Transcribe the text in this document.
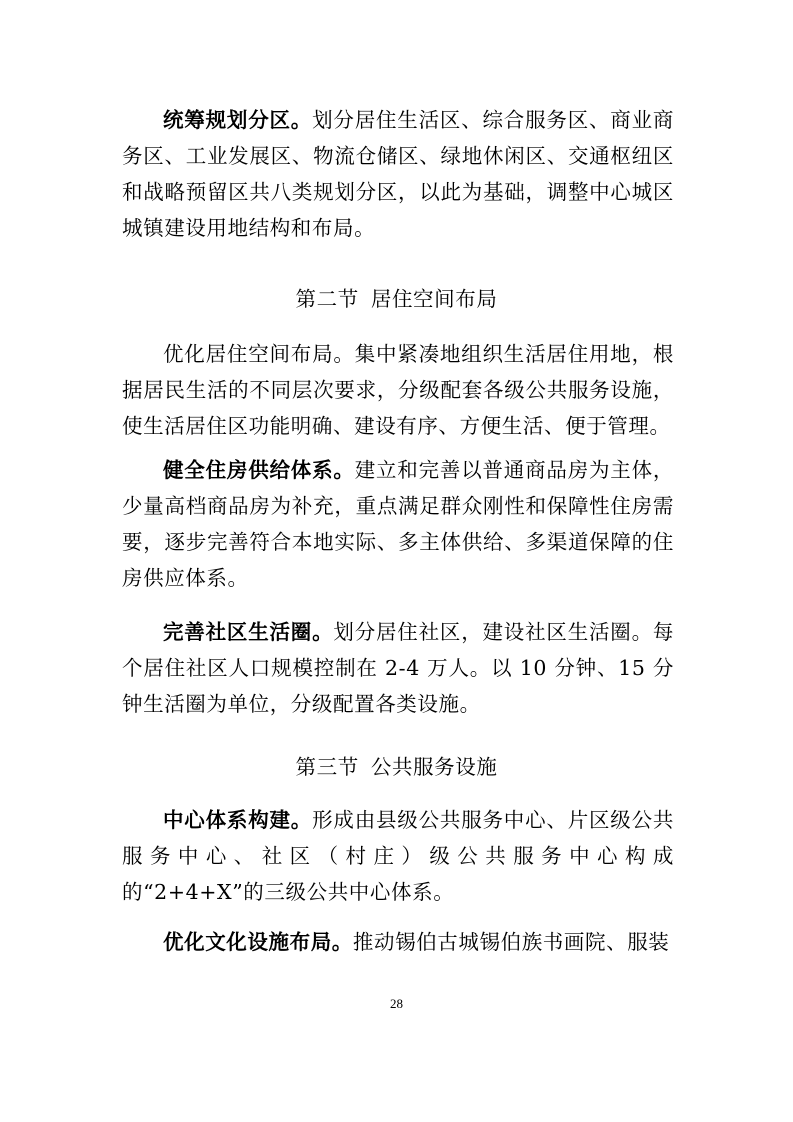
统筹规划分区。划分居住生活区、综合服务区、商业商务区、工业发展区、物流仓储区、绿地休闲区、交通枢纽区和战略预留区共八类规划分区，以此为基础，调整中心城区城镇建设用地结构和布局。

第二节 居住空间布局

优化居住空间布局。集中紧凑地组织生活居住用地，根据居民生活的不同层次要求，分级配套各级公共服务设施，使生活居住区功能明确、建设有序、方便生活、便于管理。

健全住房供给体系。建立和完善以普通商品房为主体，少量高档商品房为补充，重点满足群众刚性和保障性住房需要，逐步完善符合本地实际、多主体供给、多渠道保障的住房供应体系。

完善社区生活圈。划分居住社区，建设社区生活圈。每个居住社区人口规模控制在 2-4 万人。以 10 分钟、15 分钟生活圈为单位，分级配置各类设施。

第三节 公共服务设施

中心体系构建。形成由县级公共服务中心、片区级公共服务中心、社区（村庄）级公共服务中心构成的“2+4+X”的三级公共中心体系。

优化文化设施布局。推动锡伯古城锡伯族书画院、服装

28
